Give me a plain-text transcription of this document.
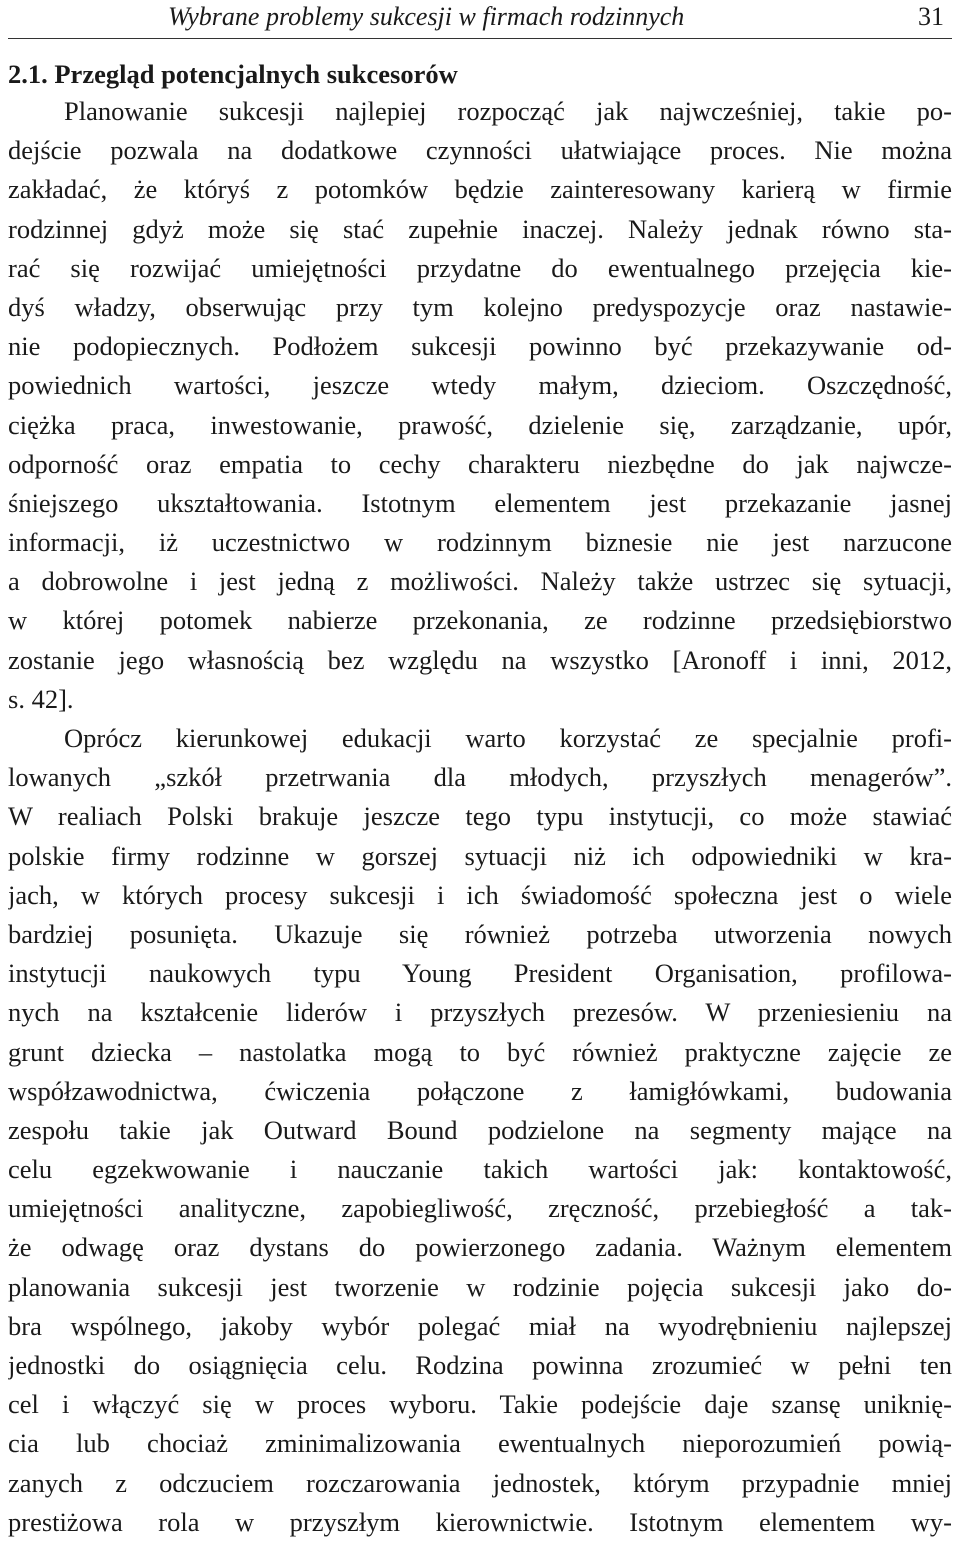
Wybrane problemy sukcesji w firmach rodzinnych	31
2.1. Przegląd potencjalnych sukcesorów
Planowanie sukcesji najlepiej rozpocząć jak najwcześniej, takie po-
dejście pozwala na dodatkowe czynności ułatwiające proces. Nie można
zakładać, że któryś z potomków będzie zainteresowany karierą w firmie
rodzinnej gdyż może się stać zupełnie inaczej. Należy jednak równo sta-
rać się rozwijać umiejętności przydatne do ewentualnego przejęcia kie-
dyś władzy, obserwując przy tym kolejno predyspozycje oraz nastawie-
nie podopiecznych. Podłożem sukcesji powinno być przekazywanie od-
powiednich wartości, jeszcze wtedy małym, dzieciom. Oszczędność,
ciężka praca, inwestowanie, prawość, dzielenie się, zarządzanie, upór,
odporność oraz empatia to cechy charakteru niezbędne do jak najwcze-
śniejszego ukształtowania. Istotnym elementem jest przekazanie jasnej
informacji, iż uczestnictwo w rodzinnym biznesie nie jest narzucone
a dobrowolne i jest jedną z możliwości. Należy także ustrzec się sytuacji,
w której potomek nabierze przekonania, ze rodzinne przedsiębiorstwo
zostanie jego własnością bez względu na wszystko [Aronoff i inni, 2012,
s. 42].
Oprócz kierunkowej edukacji warto korzystać ze specjalnie profi-
lowanych „szkół przetrwania dla młodych, przyszłych menagerów”.
W realiach Polski brakuje jeszcze tego typu instytucji, co może stawiać
polskie firmy rodzinne w gorszej sytuacji niż ich odpowiedniki w kra-
jach, w których procesy sukcesji i ich świadomość społeczna jest o wiele
bardziej posunięta. Ukazuje się również potrzeba utworzenia nowych
instytucji naukowych typu Young President Organisation, profilowa-
nych na kształcenie liderów i przyszłych prezesów. W przeniesieniu na
grunt dziecka – nastolatka mogą to być również praktyczne zajęcie ze
współzawodnictwa, ćwiczenia połączone z łamigłówkami, budowania
zespołu takie jak Outward Bound podzielone na segmenty mające na
celu egzekwowanie i nauczanie takich wartości jak: kontaktowość,
umiejętności analityczne, zapobiegliwość, zręczność, przebiegłość a tak-
że odwagę oraz dystans do powierzonego zadania. Ważnym elementem
planowania sukcesji jest tworzenie w rodzinie pojęcia sukcesji jako do-
bra wspólnego, jakoby wybór polegać miał na wyodrębnieniu najlepszej
jednostki do osiągnięcia celu. Rodzina powinna zrozumieć w pełni ten
cel i włączyć się w proces wyboru. Takie podejście daje szansę uniknię-
cia lub chociaż zminimalizowania ewentualnych nieporozumień powią-
zanych z odczuciem rozczarowania jednostek, którym przypadnie mniej
prestiżowa rola w przyszłym kierownictwie. Istotnym elementem wy-
